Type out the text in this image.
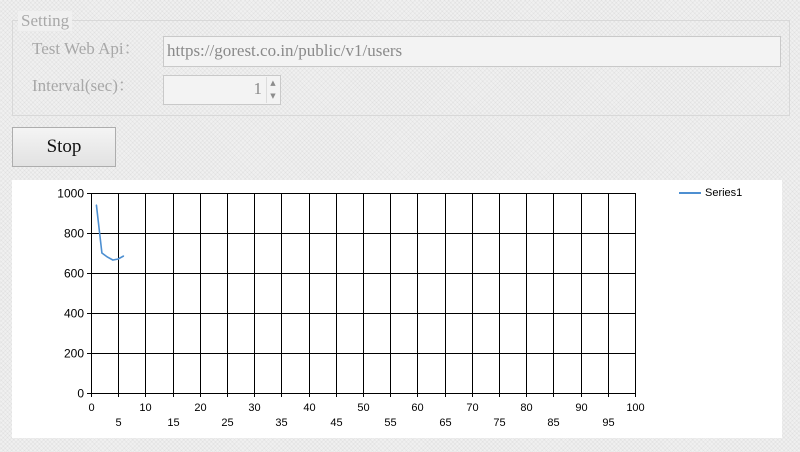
Setting
Test Web Api： https://gorest.co.in/public/v1/users
Interval(sec)：	1	▲
▼
Stop
0
5
10
15
20
25
30
35
40
45
50
55
60
65
70
75
80
85
90
95
100
0
200
400
600
800
1000	Series1
